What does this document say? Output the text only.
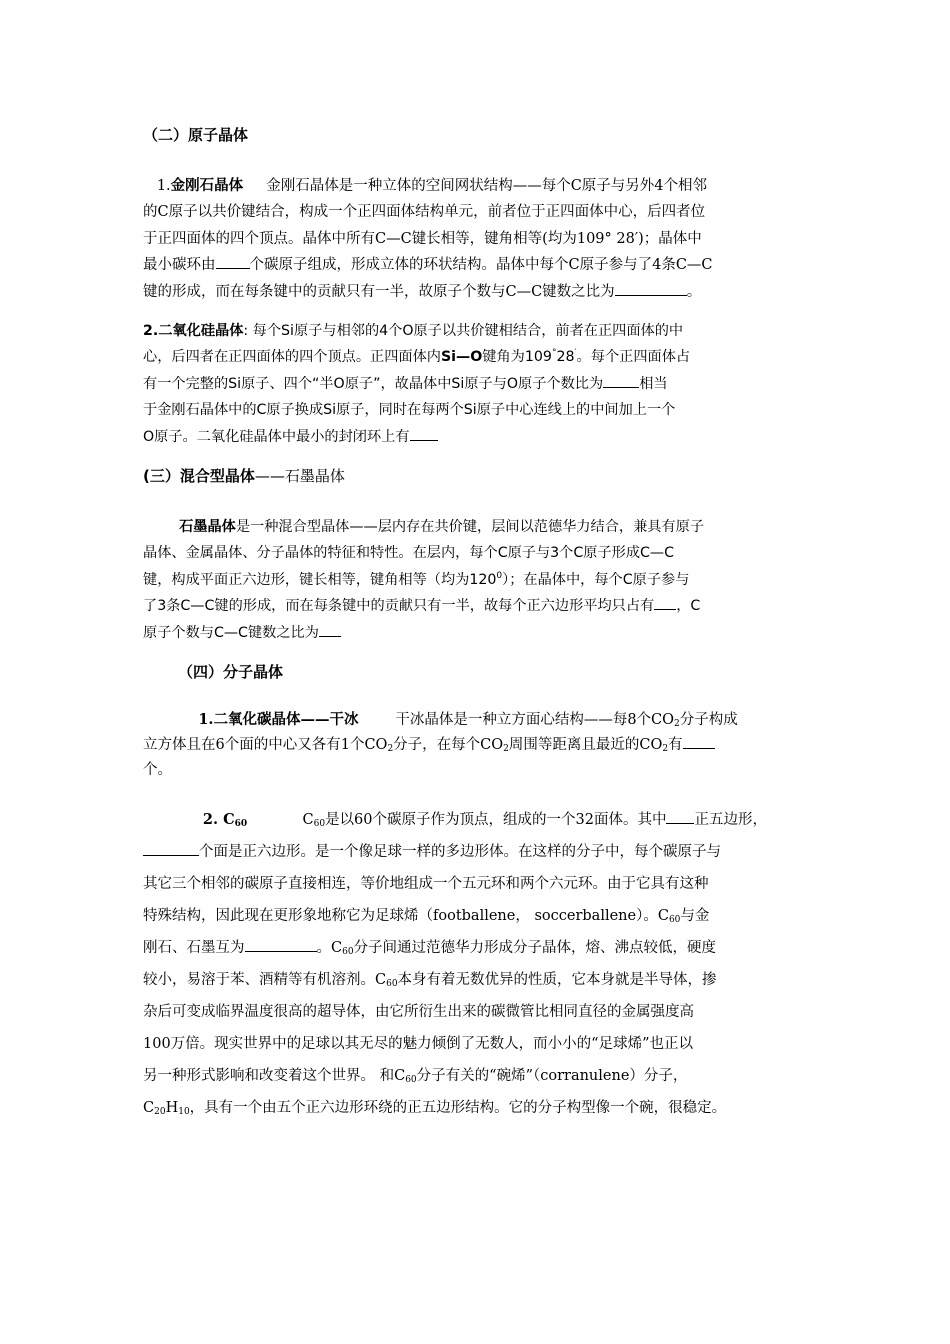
（二）原子晶体
1.金刚石晶体 金刚石晶体是一种立体的空间网状结构——每个C原子与另外4个相邻
的C原子以共价键结合，构成一个正四面体结构单元，前者位于正四面体中心，后四者位
于正四面体的四个顶点。晶体中所有C—C键长相等，键角相等(均为109° 28′)；晶体中
最小碳环由 个碳原子组成，形成立体的环状结构。晶体中每个C原子参与了4条C—C
键的形成，而在每条键中的贡献只有一半，故原子个数与C—C键数之比为	。
2.二氧化硅晶体: 每个Si原子与相邻的4个O原子以共价键相结合，前者在正四面体的中
心，后四者在正四面体的四个顶点。正四面体内Si—O键角为109°28′。每个正四面体占
有一个完整的Si原子、四个“半O原子”，故晶体中Si原子与O原子个数比为	相当
于金刚石晶体中的C原子换成Si原子，同时在每两个Si原子中心连线上的中间加上一个
O原子。二氧化硅晶体中最小的封闭环上有
(三）混合型晶体——石墨晶体
石墨晶体是一种混合型晶体——层内存在共价键，层间以范德华力结合，兼具有原子
晶体、金属晶体、分子晶体的特征和特性。在层内，每个C原子与3个C原子形成C—C
键，构成平面正六边形，键长相等，键角相等（均为$120^0$）；在晶体中，每个C原子参与
了3条C—C键的形成，而在每条键中的贡献只有一半，故每个正六边形平均只占有 ，C
原子个数与C—C键数之比为
（四）分子晶体
1.二氧化碳晶体——干冰	干冰晶体是一种立方面心结构——每8个$CO_2$分子构成
立方体且在6个面的中心又各有1个$CO_2$分子，在每个$CO_2$周围等距离且最近的$CO_2$有
个。
2. $C_{60}$	$C_{60}$是以60个碳原子作为顶点，组成的一个32面体。其中 正五边形，
个面是正六边形。是一个像足球一样的多边形体。在这样的分子中，每个碳原子与
其它三个相邻的碳原子直接相连，等价地组成一个五元环和两个六元环。由于它具有这种
特殊结构，因此现在更形象地称它为足球烯（footballene， soccerballene）。$C_{60}$与金
刚石、石墨互为	。$C_{60}$分子间通过范德华力形成分子晶体，熔、沸点较低，硬度
较小，易溶于苯、酒精等有机溶剂。$C_{60}$本身有着无数优异的性质，它本身就是半导体，掺
杂后可变成临界温度很高的超导体，由它所衍生出来的碳微管比相同直径的金属强度高
100万倍。现实世界中的足球以其无尽的魅力倾倒了无数人，而小小的“足球烯”也正以
另一种形式影响和改变着这个世界。 和$C_{60}$分子有关的“碗烯”（corranulene）分子，
$C_{20}H_{10}$，具有一个由五个正六边形环绕的正五边形结构。它的分子构型像一个碗，很稳定。
